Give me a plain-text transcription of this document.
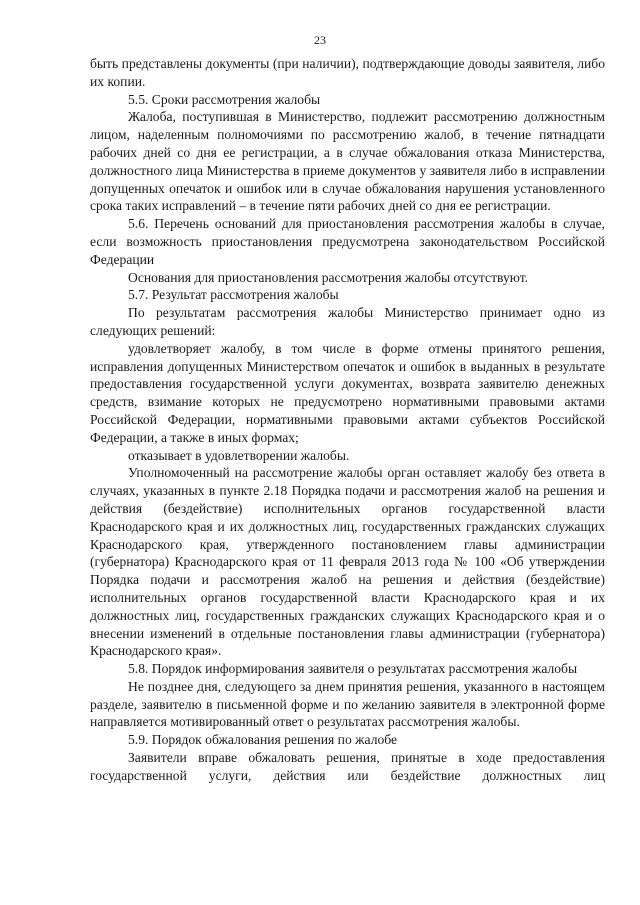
23

быть представлены документы (при наличии), подтверждающие доводы заявителя, либо их копии.

5.5. Сроки рассмотрения жалобы

Жалоба, поступившая в Министерство, подлежит рассмотрению должностным лицом, наделенным полномочиями по рассмотрению жалоб, в течение пятнадцати рабочих дней со дня ее регистрации, а в случае обжалования отказа Министерства, должностного лица Министерства в приеме документов у заявителя либо в исправлении допущенных опечаток и ошибок или в случае обжалования нарушения установленного срока таких исправлений – в течение пяти рабочих дней со дня ее регистрации.

5.6. Перечень оснований для приостановления рассмотрения жалобы в случае, если возможность приостановления предусмотрена законодательством Российской Федерации

Основания для приостановления рассмотрения жалобы отсутствуют.

5.7. Результат рассмотрения жалобы

По результатам рассмотрения жалобы Министерство принимает одно из следующих решений:

удовлетворяет жалобу, в том числе в форме отмены принятого решения, исправления допущенных Министерством опечаток и ошибок в выданных в результате предоставления государственной услуги документах, возврата заявителю денежных средств, взимание которых не предусмотрено нормативными правовыми актами Российской Федерации, нормативными правовыми актами субъектов Российской Федерации, а также в иных формах;

отказывает в удовлетворении жалобы.

Уполномоченный на рассмотрение жалобы орган оставляет жалобу без ответа в случаях, указанных в пункте 2.18 Порядка подачи и рассмотрения жалоб на решения и действия (бездействие) исполнительных органов государственной власти Краснодарского края и их должностных лиц, государственных гражданских служащих Краснодарского края, утвержденного постановлением главы администрации (губернатора) Краснодарского края от 11 февраля 2013 года № 100 «Об утверждении Порядка подачи и рассмотрения жалоб на решения и действия (бездействие) исполнительных органов государственной власти Краснодарского края и их должностных лиц, государственных гражданских служащих Краснодарского края и о внесении изменений в отдельные постановления главы администрации (губернатора) Краснодарского края».

5.8. Порядок информирования заявителя о результатах рассмотрения жалобы

Не позднее дня, следующего за днем принятия решения, указанного в настоящем разделе, заявителю в письменной форме и по желанию заявителя в электронной форме направляется мотивированный ответ о результатах рассмотрения жалобы.

5.9. Порядок обжалования решения по жалобе

Заявители вправе обжаловать решения, принятые в ходе предоставления государственной услуги, действия или бездействие должностных лиц
